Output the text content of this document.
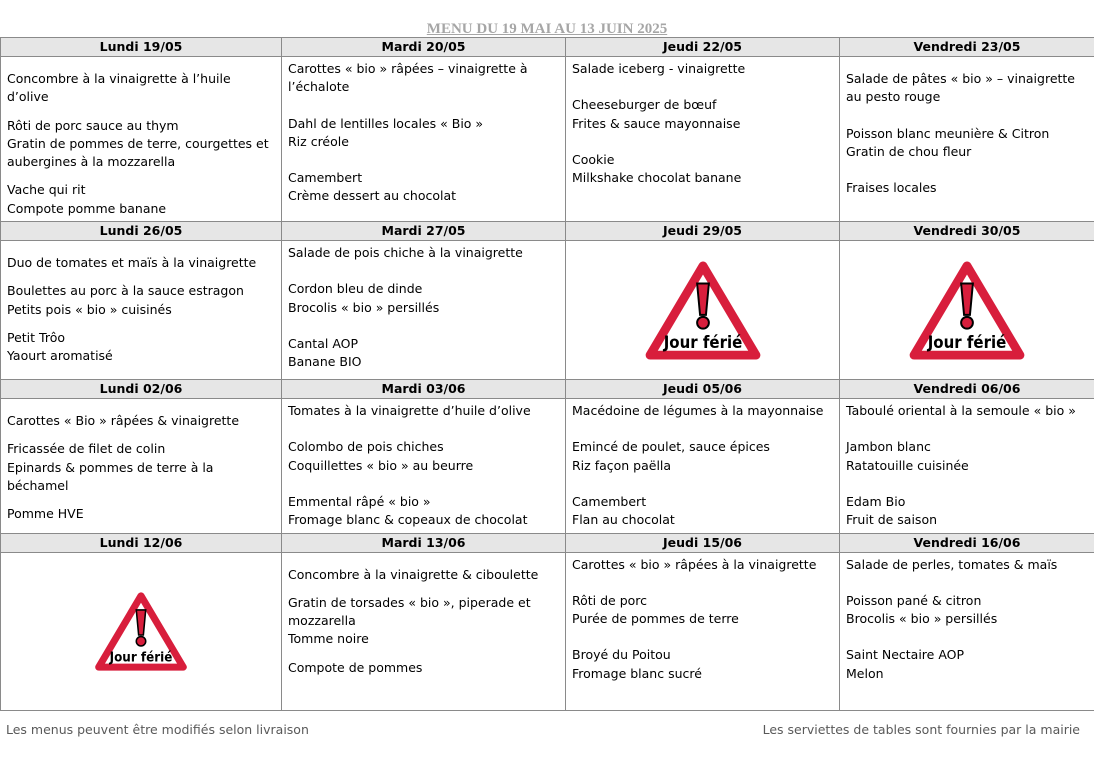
MENU DU 19 MAI AU 13 JUIN 2025
Lundi 19/05	Mardi 20/05	Jeudi 22/05	Vendredi 23/05

Concombre à la vinaigrette à l’huile d’olive
Rôti de porc sauce au thym
Gratin de pommes de terre, courgettes et aubergines à la mozzarella
Vache qui rit
Compote pomme banane	Carottes « bio » râpées – vinaigrette à l’échalote
Dahl de lentilles locales « Bio »
Riz créole
Camembert
Crème dessert au chocolat	Salade iceberg - vinaigrette
Cheeseburger de bœuf
Frites & sauce mayonnaise
Cookie
Milkshake chocolat banane	Salade de pâtes « bio » – vinaigrette au pesto rouge
Poisson blanc meunière & Citron
Gratin de chou fleur
Fraises locales

Lundi 26/05	Mardi 27/05	Jeudi 29/05	Vendredi 30/05

Duo de tomates et maïs à la vinaigrette
Boulettes au porc à la sauce estragon
Petits pois « bio » cuisinés
Petit Trôo
Yaourt aromatisé	Salade de pois chiche à la vinaigrette
Cordon bleu de dinde
Brocolis « bio » persillés
Cantal AOP
Banane BIO	Jour férié	Jour férié

Lundi 02/06	Mardi 03/06	Jeudi 05/06	Vendredi 06/06

Carottes « Bio » râpées & vinaigrette
Fricassée de filet de colin
Epinards & pommes de terre à la béchamel
Pomme HVE	Tomates à la vinaigrette d’huile d’olive
Colombo de pois chiches
Coquillettes « bio » au beurre
Emmental râpé « bio »
Fromage blanc & copeaux de chocolat	Macédoine de légumes à la mayonnaise
Emincé de poulet, sauce épices
Riz façon paëlla
Camembert
Flan au chocolat	Taboulé oriental à la semoule « bio »
Jambon blanc
Ratatouille cuisinée
Edam Bio
Fruit de saison

Lundi 12/06	Mardi 13/06	Jeudi 15/06	Vendredi 16/06

Jour férié	Concombre à la vinaigrette & ciboulette
Gratin de torsades « bio », piperade et mozzarella
Tomme noire
Compote de pommes	Carottes « bio » râpées à la vinaigrette
Rôti de porc
Purée de pommes de terre
Broyé du Poitou
Fromage blanc sucré	Salade de perles, tomates & maïs
Poisson pané & citron
Brocolis « bio » persillés
Saint Nectaire AOP
Melon
Les menus peuvent être modifiés selon livraison	Les serviettes de tables sont fournies par la mairie
